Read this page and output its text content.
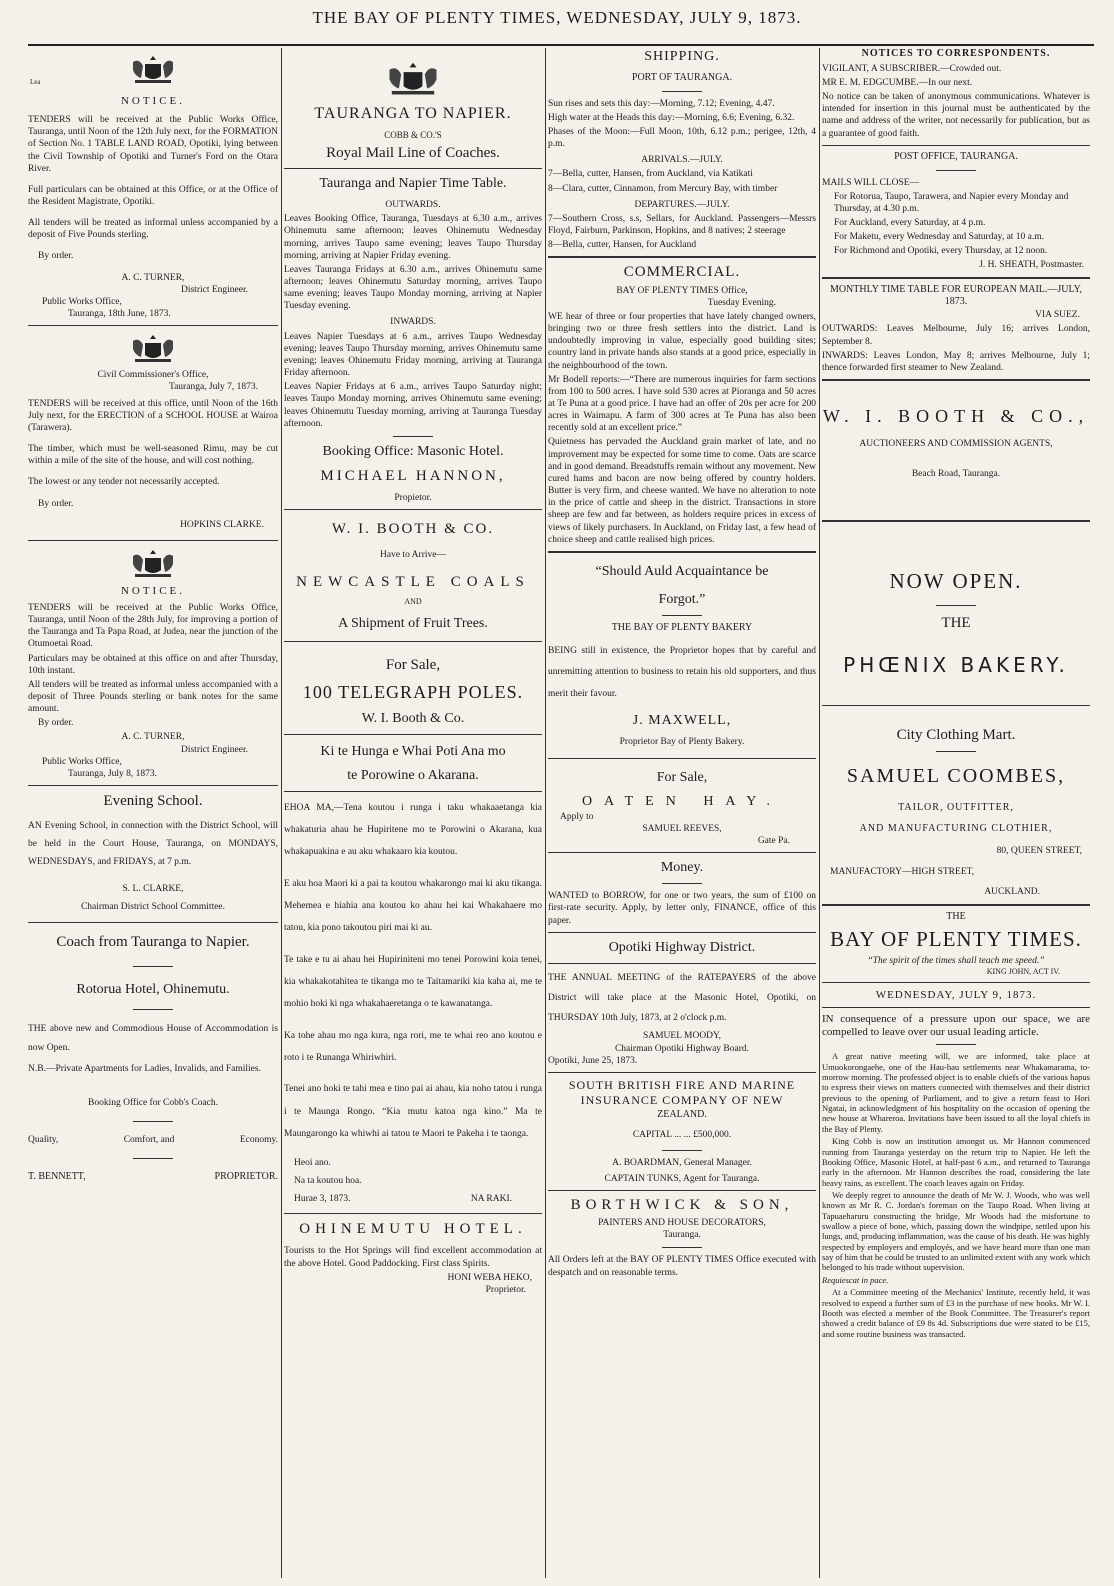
THE BAY OF PLENTY TIMES, WEDNESDAY, JULY 9, 1873.
Lea
NOTICE.

TENDERS will be received at the Public Works Office, Tauranga, until Noon of the 12th July next, for the FORMATION of Section No. 1 TABLE LAND ROAD, Opotiki, lying between the Civil Township of Opotiki and Turner's Ford on the Otara River.

Full particulars can be obtained at this Office, or at the Office of the Resident Magistrate, Opotiki.

All tenders will be treated as informal unless accompanied by a deposit of Five Pounds sterling.

By order.

A. C. TURNER,

District Engineer.

Public Works Office,

Tauranga, 18th June, 1873.

Civil Commissioner's Office,

Tauranga, July 7, 1873.

TENDERS will be received at this office, until Noon of the 16th July next, for the ERECTION of a SCHOOL HOUSE at Wairoa (Tarawera).

The timber, which must be well-seasoned Rimu, may be cut within a mile of the site of the house, and will cost nothing.

The lowest or any tender not necessarily accepted.

By order.

HOPKINS CLARKE.

NOTICE.

TENDERS will be received at the Public Works Office, Tauranga, until Noon of the 28th July, for improving a portion of the Tauranga and Ta Papa Road, at Judea, near the junction of the Otumoetai Road.

Particulars may be obtained at this office on and after Thursday, 10th instant.

All tenders will be treated as informal unless accompanied with a deposit of Three Pounds sterling or bank notes for the same amount.

By order.

A. C. TURNER,

District Engineer.

Public Works Office,

Tauranga, July 8, 1873.

Evening School.

AN Evening School, in connection with the District School, will be held in the Court House, Tauranga, on MONDAYS, WEDNESDAYS, and FRIDAYS, at 7 p.m.

S. L. CLARKE,

Chairman District School Committee.

Coach from Tauranga to Napier.
Rotorua Hotel, Ohinemutu.

THE above new and Commodious House of Accommodation is now Open.

N.B.—Private Apartments for Ladies, Invalids, and Families.

Booking Office for Cobb's Coach.
Quality,	Comfort, and	Economy.
T. BENNETT,	PROPRIETOR.
TAURANGA TO NAPIER.
COBB & CO.'S
Royal Mail Line of Coaches.
Tauranga and Napier Time Table.
OUTWARDS.

Leaves Booking Office, Tauranga, Tuesdays at 6.30 a.m., arrives Ohinemutu same afternoon; leaves Ohinemutu Wednesday morning, arrives Taupo same evening; leaves Taupo Thursday morning, arriving at Napier Friday evening.

Leaves Tauranga Fridays at 6.30 a.m., arrives Ohinemutu same afternoon; leaves Ohinemutu Saturday morning, arrives Taupo same evening; leaves Taupo Monday morning, arriving at Napier Tuesday evening.

INWARDS.

Leaves Napier Tuesdays at 6 a.m., arrives Taupo Wednesday evening; leaves Taupo Thursday morning, arrives Ohinemutu same evening; leaves Ohinemutu Friday morning, arriving at Tauranga Friday afternoon.

Leaves Napier Fridays at 6 a.m., arrives Taupo Saturday night; leaves Taupo Monday morning, arrives Ohinemutu same evening; leaves Ohinemutu Tuesday morning, arriving at Tauranga Tuesday afternoon.

Booking Office: Masonic Hotel.
MICHAEL HANNON,
Propietor.
W. I. BOOTH & CO.
Have to Arrive—
NEWCASTLE COALS
AND
A Shipment of Fruit Trees.
For Sale,
100 TELEGRAPH POLES.
W. I. Booth & Co.
Ki te Hunga e Whai Poti Ana mo
te Porowine o Akarana.

EHOA MA,—Tena koutou i runga i taku whakaaetanga kia whakaturia ahau he Hupiritene mo te Porowini o Akarana, kua whakapuakina e au aku whakaaro kia koutou.

E aku hoa Maori ki a pai ta koutou whakarongo mai ki aku tikanga. Mehemea e hiahia ana koutou ko ahau hei kai Whakahaere mo tatou, kia pono takoutou piri mai ki au.

Te take e tu ai ahau hei Hupiriniteni mo tenei Porowini koia tenei, kia whakakotahitea te tikanga mo te Taitamariki kia kaha ai, me te mohio hoki ki nga whakahaeretanga o te kawanatanga.

Ka tohe ahau mo nga kura, nga rori, me te whai reo ano koutou e roto i te Runanga Whiriwhiri.

Tenei ano hoki te tahi mea e tino pai ai ahau, kia noho tatou i runga i te Maunga Rongo. “Kia mutu katoa nga kino.” Ma te Maungarongo ka whiwhi ai tatou te Maori te Pakeha i te taonga.

Heoi ano.
Na ta koutou hoa.
Hurae 3, 1873.	NA RAKI.
OHINEMUTU HOTEL.

Tourists to the Hot Springs will find excellent accommodation at the above Hotel. Good Paddocking. First class Spirits.

HONI WEBA HEKO,

Proprietor.

SHIPPING.
PORT OF TAURANGA.

Sun rises and sets this day:—Morning, 7.12; Evening, 4.47.

High water at the Heads this day:—Morning, 6.6; Evening, 6.32.

Phases of the Moon:—Full Moon, 10th, 6.12 p.m.; perigee, 12th, 4 p.m.

ARRIVALS.—JULY.

7—Bella, cutter, Hansen, from Auckland, via Katikati

8—Clara, cutter, Cinnamon, from Mercury Bay, with timber

DEPARTURES.—JULY.

7—Southern Cross, s.s, Sellars, for Auckland. Passengers—Messrs Floyd, Fairburn, Parkinson, Hopkins, and 8 natives; 2 steerage

8—Bella, cutter, Hansen, for Auckland

COMMERCIAL.
BAY OF PLENTY TIMES Office,
Tuesday Evening.

WE hear of three or four properties that have lately changed owners, bringing two or three fresh settlers into the district. Land is undoubtedly improving in value, especially good building sites; country land in private hands also stands at a good price, especially in the neighbourhood of the town.

Mr Bodell reports:—“There are numerous inquiries for farm sections from 100 to 500 acres. I have sold 530 acres at Pioranga and 50 acres at Te Puna at a good price. I have had an offer of 20s per acre for 200 acres in Waimapu. A farm of 300 acres at Te Puna has also been recently sold at an excellent price.”

Quietness has pervaded the Auckland grain market of late, and no improvement may be expected for some time to come. Oats are scarce and in good demand. Breadstuffs remain without any movement. New cured hams and bacon are now being offered by country holders. Butter is very firm, and cheese wanted. We have no alteration to note in the price of cattle and sheep in the district. Transactions in store sheep are few and far between, as holders require prices in excess of views of likely purchasers. In Auckland, on Friday last, a few head of choice sheep and cattle realised high prices.

“Should Auld Acquaintance be
Forgot.”
THE BAY OF PLENTY BAKERY

BEING still in existence, the Proprietor hopes that by careful and unremitting attention to business to retain his old supporters, and thus merit their favour.

J. MAXWELL,
Proprietor Bay of Plenty Bakery.
For Sale,
OATEN HAY.
Apply to
SAMUEL REEVES,
Gate Pa.
Money.

WANTED to BORROW, for one or two years, the sum of £100 on first-rate security. Apply, by letter only, FINANCE, office of this paper.

Opotiki Highway District.

THE ANNUAL MEETING of the RATEPAYERS of the above District will take place at the Masonic Hotel, Opotiki, on THURSDAY 10th July, 1873, at 2 o'clock p.m.

SAMUEL MOODY,
Chairman Opotiki Highway Board.
Opotiki, June 25, 1873.
SOUTH BRITISH FIRE AND MARINE
INSURANCE COMPANY OF NEW
ZEALAND.
CAPITAL ... ... £500,000.
A. BOARDMAN, General Manager.
CAPTAIN TUNKS, Agent for Tauranga.
BORTHWICK & SON,
PAINTERS AND HOUSE DECORATORS,
Tauranga.
All Orders left at the BAY OF PLENTY TIMES Office executed with despatch and on reasonable terms.
NOTICES TO CORRESPONDENTS.

VIGILANT, A SUBSCRIBER.—Crowded out.

MR E. M. EDGCUMBE.—In our next.

No notice can be taken of anonymous communications. Whatever is intended for insertion in this journal must be authenticated by the name and address of the writer, not necessarily for publication, but as a guarantee of good faith.

POST OFFICE, TAURANGA.
MAILS WILL CLOSE—

For Rotorua, Taupo, Tarawera, and Napier every Monday and Thursday, at 4.30 p.m.

For Auckland, every Saturday, at 4 p.m.

For Maketu, every Wednesday and Saturday, at 10 a.m.

For Richmond and Opotiki, every Thursday, at 12 noon.

J. H. SHEATH, Postmaster.
MONTHLY TIME TABLE FOR EUROPEAN MAIL.—JULY, 1873.
VIA SUEZ.

OUTWARDS: Leaves Melbourne, July 16; arrives London, September 8.

INWARDS: Leaves London, May 8; arrives Melbourne, July 1; thence forwarded first steamer to New Zealand.

W. I. BOOTH & CO.,
AUCTIONEERS AND COMMISSION AGENTS,
Beach Road, Tauranga.
NOW OPEN.
THE
PHŒNIX BAKERY.
City Clothing Mart.
SAMUEL COOMBES,
TAILOR, OUTFITTER,
AND MANUFACTURING CLOTHIER,
80, QUEEN STREET,
MANUFACTORY—HIGH STREET,
AUCKLAND.
THE
BAY OF PLENTY TIMES.
“The spirit of the times shall teach me speed.”
KING JOHN, ACT IV.
WEDNESDAY, JULY 9, 1873.
IN consequence of a pressure upon our space, we are compelled to leave over our usual leading article.

A great native meeting will, we are informed, take place at Umuokorongaehe, one of the Hau-hau settlements near Whakamarama, to-morrow morning. The professed object is to enable chiefs of the various hapus to express their views on matters connected with themselves and their district previous to the opening of Parliament, and to give a return feast to Hori Ngatai, in acknowledgment of his hospitality on the occasion of opening the new house at Whareroa. Invitations have been issued to all the loyal chiefs in the Bay of Plenty.

King Cobb is now an institution amongst us. Mr Hannon commenced running from Tauranga yesterday on the return trip to Napier. He left the Booking Office, Masonic Hotel, at half-past 6 a.m., and returned to Tauranga early in the afternoon. Mr Hannon describes the road, considering the late heavy rains, as excellent. The coach leaves again on Friday.

We deeply regret to announce the death of Mr W. J. Woods, who was well known as Mr R. C. Jordan's foreman on the Taupo Road. When living at Tapuaeharuru constructing the bridge, Mr Woods had the misfortune to swallow a piece of bone, which, passing down the windpipe, settled upon his lungs, and, producing inflammation, was the cause of his death. He was highly respected by employers and employés, and we have heard more than one man say of him that he could be trusted to an unlimited extent with any work which belonged to his trade without supervision.

Requiescat in pace.

At a Committee meeting of the Mechanics' Institute, recently held, it was resolved to expend a further sum of £3 in the purchase of new books. Mr W. I. Booth was elected a member of the Book Committee. The Treasurer's report showed a credit balance of £9 8s 4d. Subscriptions due were stated to be £15, and some routine business was transacted.
